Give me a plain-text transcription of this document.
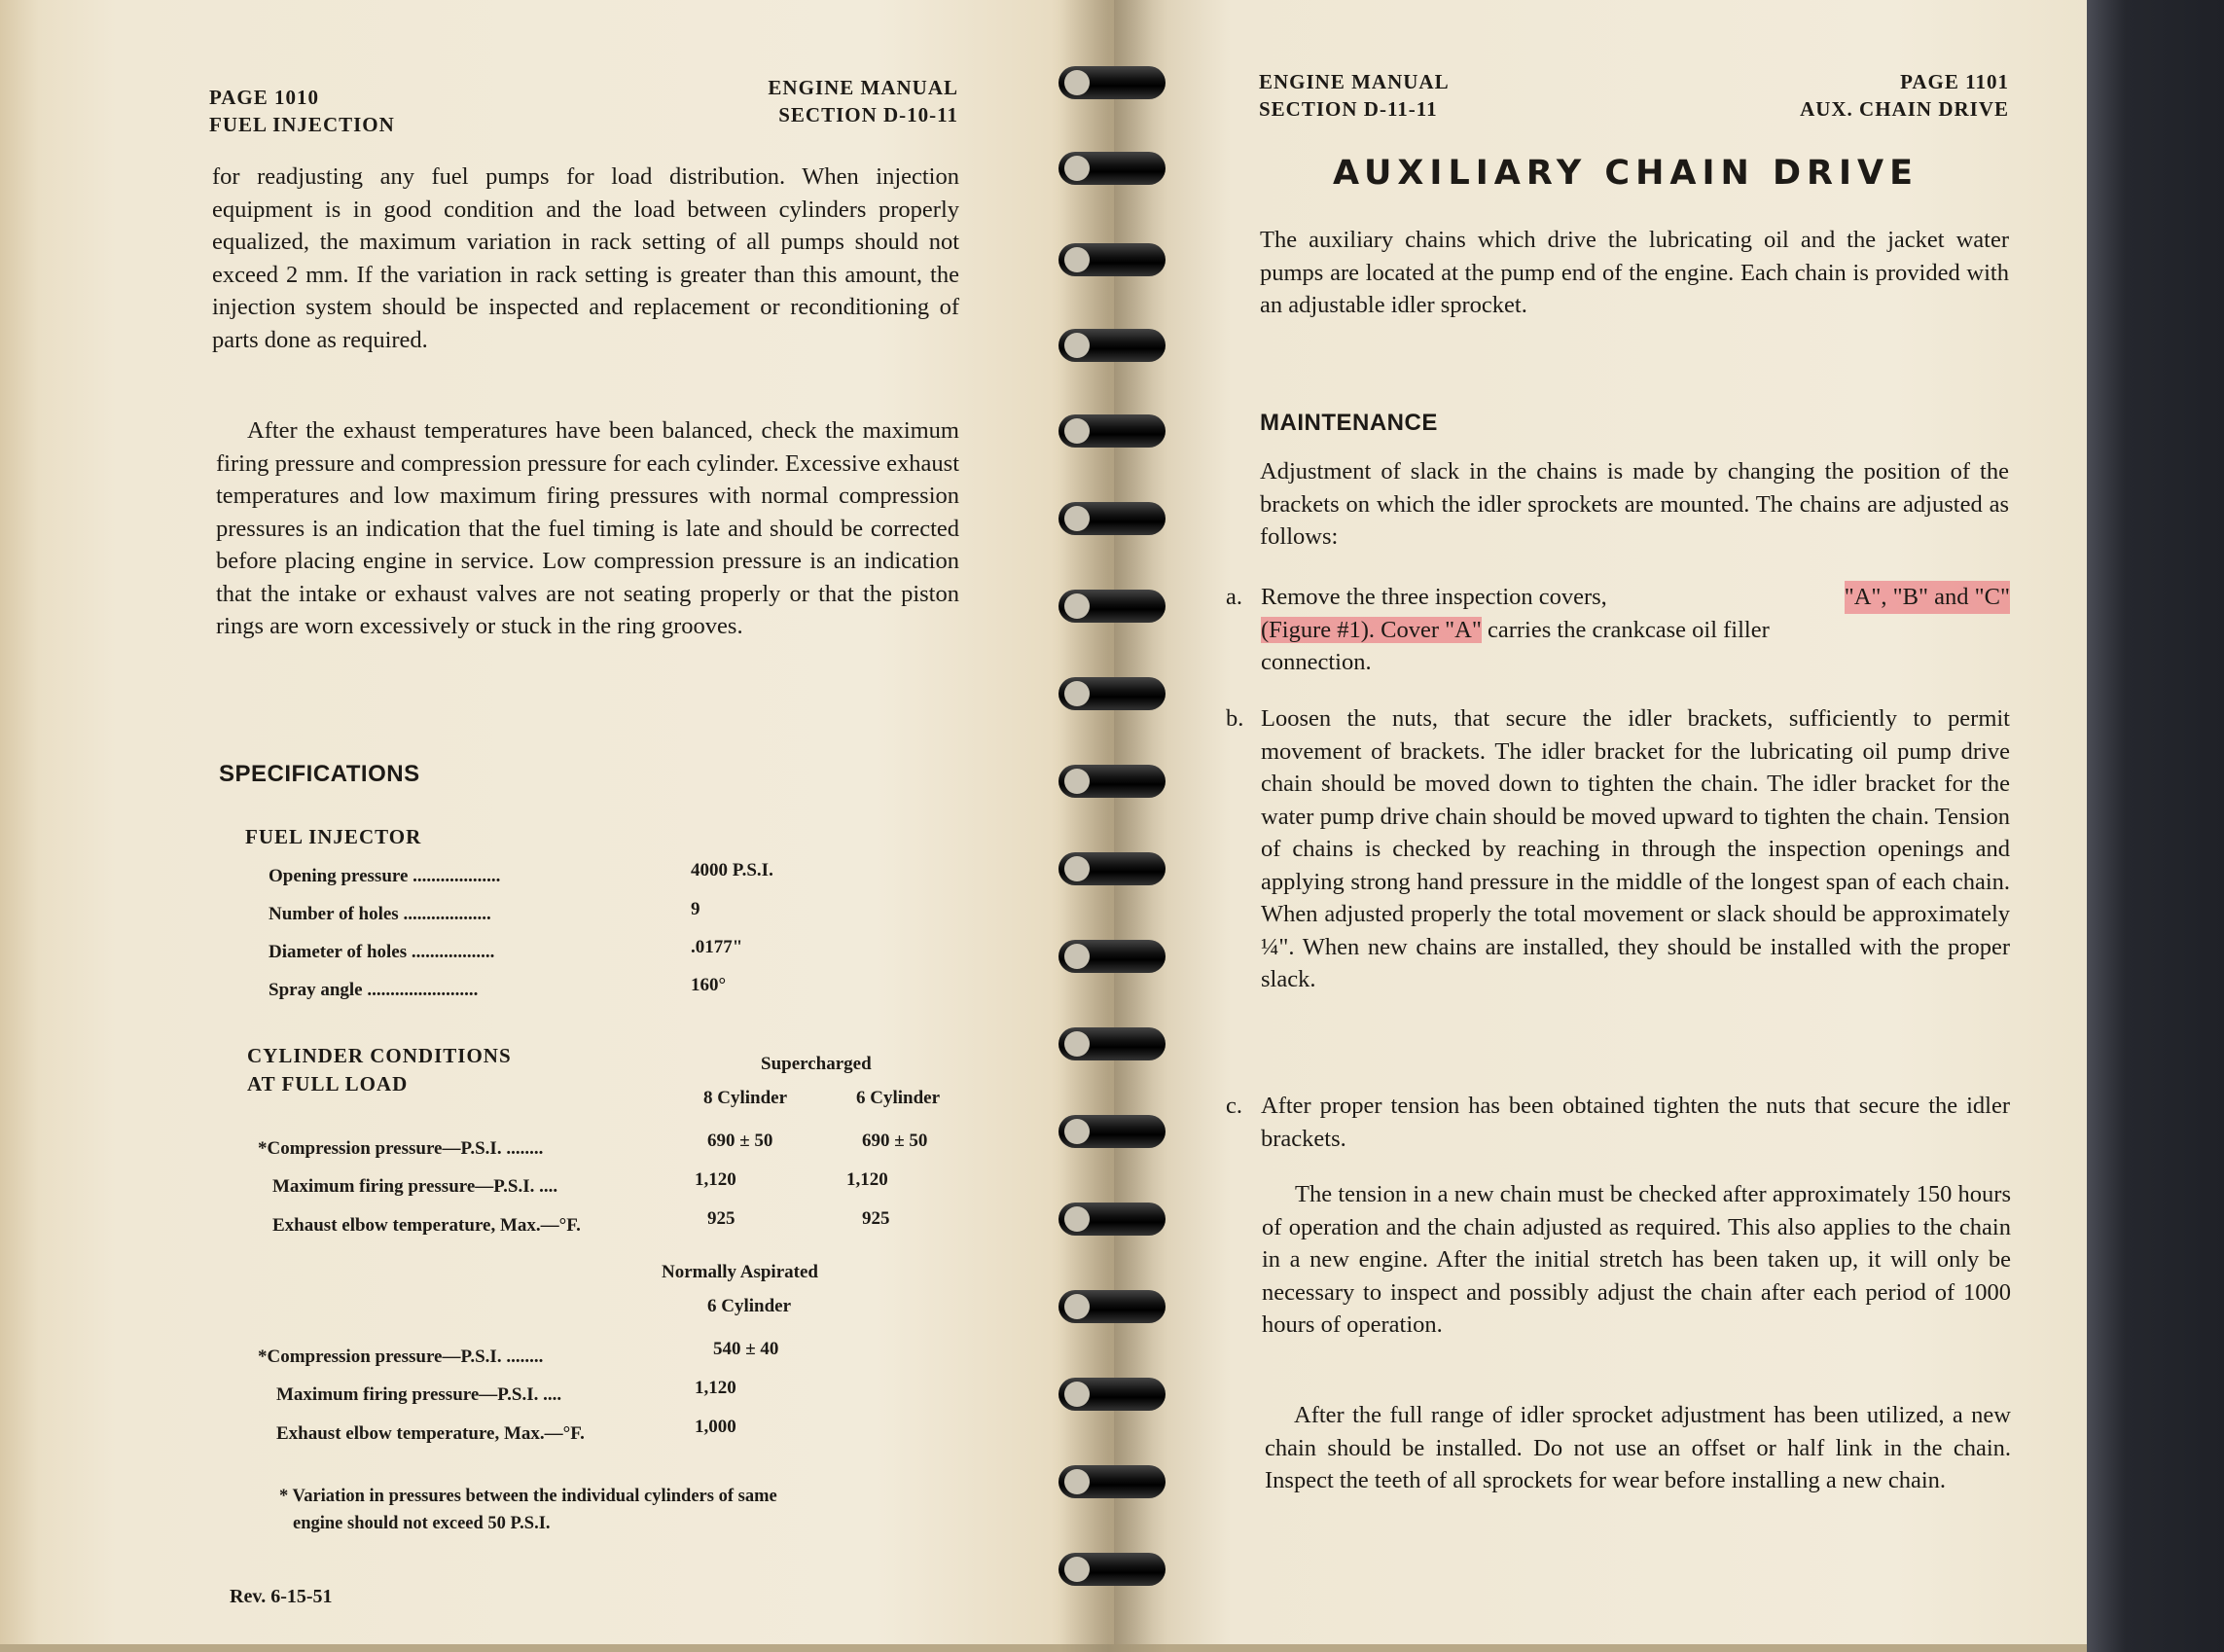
PAGE 1010
FUEL INJECTION
ENGINE MANUAL
SECTION D-10-11
for readjusting any fuel pumps for load distribution. When injection equipment is in good condition and the load between cylinders properly equalized, the maximum variation in rack setting of all pumps should not exceed 2 mm. If the variation in rack setting is greater than this amount, the injection system should be inspected and replacement or reconditioning of parts done as required.
After the exhaust temperatures have been balanced, check the maximum firing pressure and compression pressure for each cylinder. Excessive exhaust temperatures and low maximum firing pressures with normal compression pressures is an indication that the fuel timing is late and should be corrected before placing engine in service. Low compression pressure is an indication that the intake or exhaust valves are not seating properly or that the piston rings are worn excessively or stuck in the ring grooves.
SPECIFICATIONS
FUEL INJECTOR
Opening pressure ...................	4000 P.S.I.
Number of holes ...................	9
Diameter of holes ..................	.0177"
Spray angle ........................	160°
CYLINDER CONDITIONS
AT FULL LOAD
Supercharged
8 Cylinder	6 Cylinder
*Compression pressure—P.S.I. ........	690 ± 50	690 ± 50
Maximum firing pressure—P.S.I. ....	1,120	1,120
Exhaust elbow temperature, Max.—°F.	925	925
Normally Aspirated
6 Cylinder
*Compression pressure—P.S.I. ........	540 ± 40
Maximum firing pressure—P.S.I. ....	1,120
Exhaust elbow temperature, Max.—°F.	1,000
* Variation in pressures between the individual cylinders of same
engine should not exceed 50 P.S.I.
Rev. 6-15-51
ENGINE MANUAL
SECTION D-11-11
PAGE 1101
AUX. CHAIN DRIVE
AUXILIARY CHAIN DRIVE
The auxiliary chains which drive the lubricating oil and the jacket water pumps are located at the pump end of the engine. Each chain is provided with an adjustable idler sprocket.
MAINTENANCE
Adjustment of slack in the chains is made by changing the position of the brackets on which the idler sprockets are mounted. The chains are adjusted as follows:
a. Remove the three inspection covers,	"A", "B" and "C"
(Figure #1). Cover "A" carries the crankcase oil filler
connection.
b. Loosen the nuts, that secure the idler brackets, sufficiently to permit movement of brackets. The idler bracket for the lubricating oil pump drive chain should be moved down to tighten the chain. The idler bracket for the water pump drive chain should be moved upward to tighten the chain. Tension of chains is checked by reaching in through the inspection openings and applying strong hand pressure in the middle of the longest span of each chain. When adjusted properly the total movement or slack should be approximately ¼". When new chains are installed, they should be installed with the proper slack.
c. After proper tension has been obtained tighten the nuts that secure the idler brackets.
The tension in a new chain must be checked after approximately 150 hours of operation and the chain adjusted as required. This also applies to the chain in a new engine. After the initial stretch has been taken up, it will only be necessary to inspect and possibly adjust the chain after each period of 1000 hours of operation.
After the full range of idler sprocket adjustment has been utilized, a new chain should be installed. Do not use an offset or half link in the chain. Inspect the teeth of all sprockets for wear before installing a new chain.
